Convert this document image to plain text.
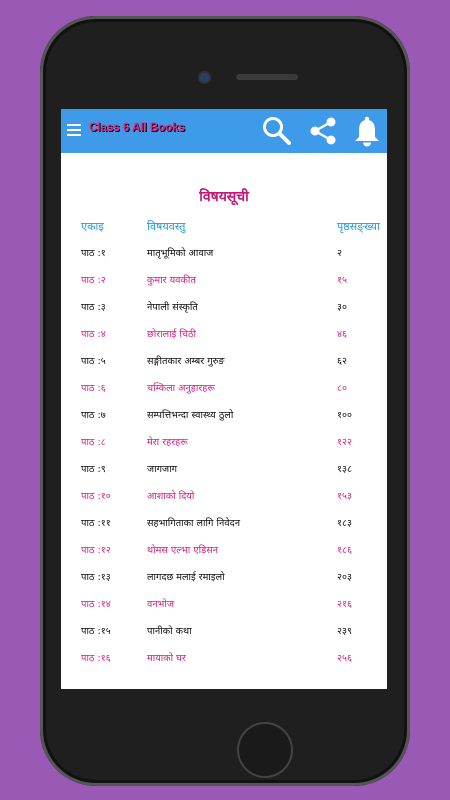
Class 6 All Books
विषयसूची
एकाइ	विषयवस्तु	पृष्ठसङ्ख्या
पाठ :१	मातृभूमिको आवाज	२
पाठ :२	कुमार यवकीत	१५
पाठ :३	नेपाली संस्कृति	३०
पाठ :४	छोरालाई चिठी	४६
पाठ :५	सङ्गीतकार अम्बर गुरुङ	६२
पाठ :६	चम्किला अनुहारहरू	८०
पाठ :७	सम्पत्तिभन्दा स्वास्थ्य ठुलो	१००
पाठ :८	मेरा रहरहरू	१२२
पाठ :९	जागजाग	१३८
पाठ :१०	आशाको दियो	१५३
पाठ :११	सहभागिताका लागि निवेदन	१८३
पाठ :१२	थोमस एल्भा एडिसन	१८६
पाठ :१३	लागदछ मलाई रमाइलो	२०३
पाठ :१४	वनभोज	२१६
पाठ :१५	पानीको कथा	२३९
पाठ :१६	मायाको घर	२५६
